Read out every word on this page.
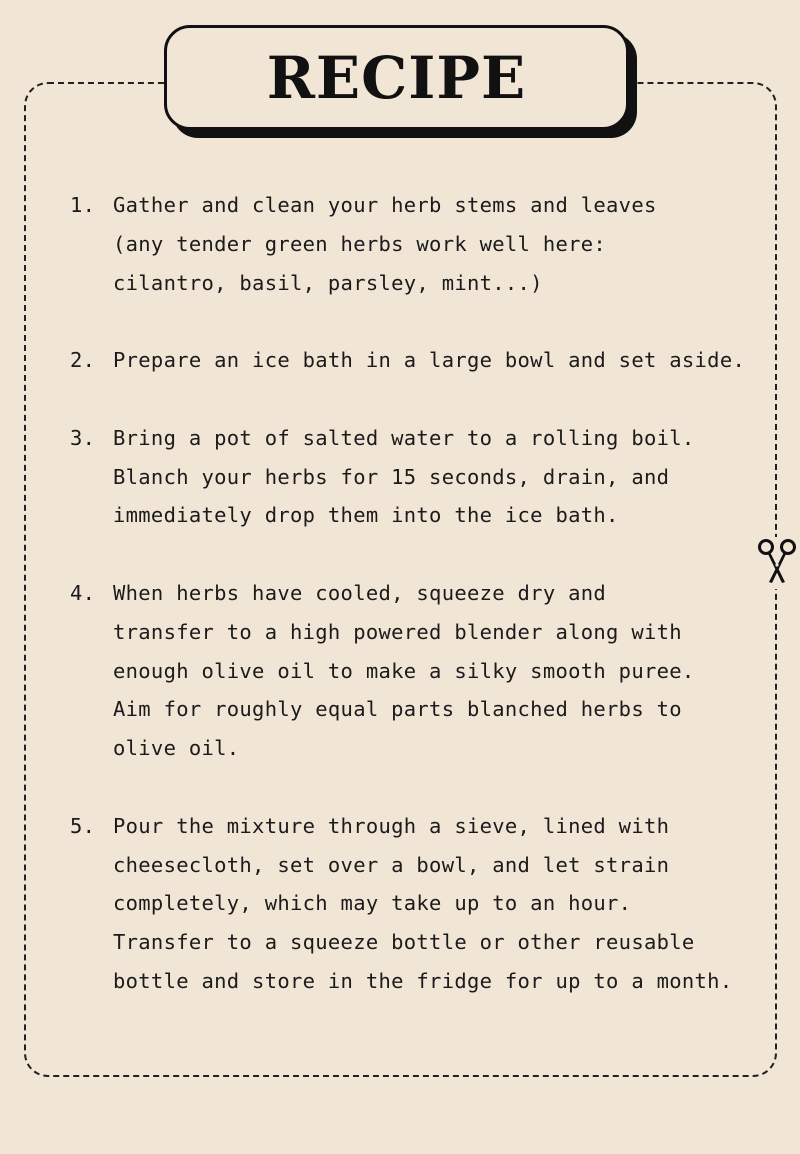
RECIPE
1. Gather and clean your herb stems and leaves
(any tender green herbs work well here:
cilantro, basil, parsley, mint...)
2. Prepare an ice bath in a large bowl and set aside.
3. Bring a pot of salted water to a rolling boil.
Blanch your herbs for 15 seconds, drain, and
immediately drop them into the ice bath.
4. When herbs have cooled, squeeze dry and
transfer to a high powered blender along with
enough olive oil to make a silky smooth puree.
Aim for roughly equal parts blanched herbs to
olive oil.
5. Pour the mixture through a sieve, lined with
cheesecloth, set over a bowl, and let strain
completely, which may take up to an hour.
Transfer to a squeeze bottle or other reusable
bottle and store in the fridge for up to a month.
